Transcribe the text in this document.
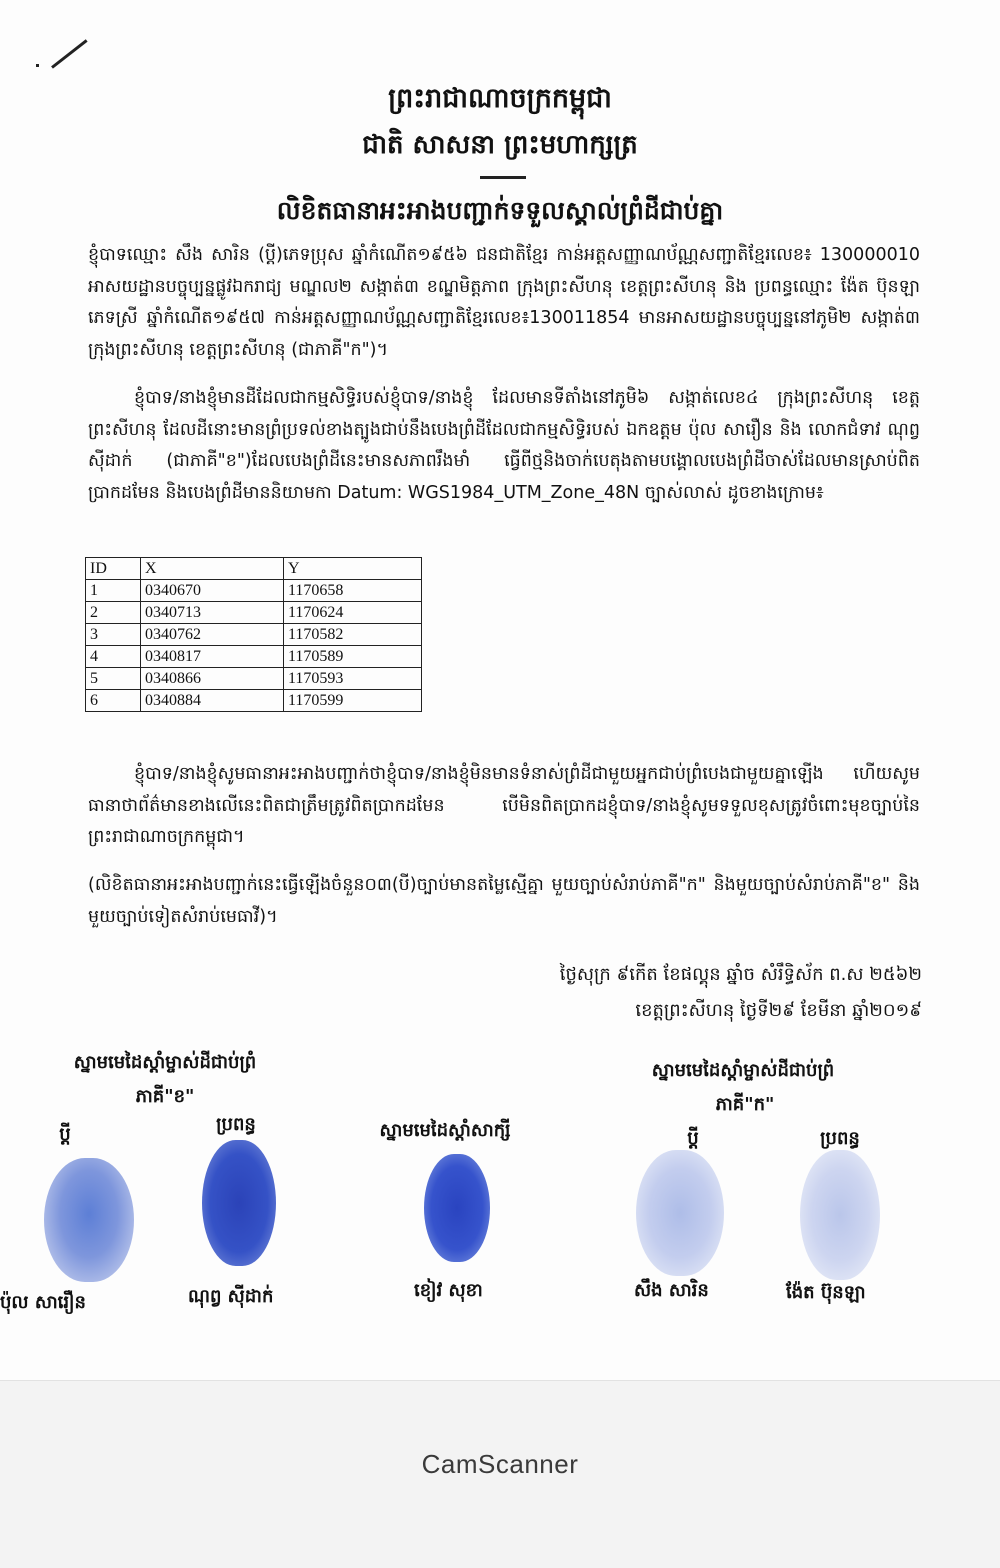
ព្រះរាជាណាចក្រកម្ពុជា
ជាតិ សាសនា ព្រះមហាក្សត្រ
លិខិតធានាអះអាងបញ្ជាក់ទទួលស្គាល់ព្រំដីជាប់គ្នា
ខ្ញុំបាទឈ្មោះ សឹង សារិន (ប្តី)ភេទប្រុស ឆ្នាំកំណើត១៩៥៦ ជនជាតិខ្មែរ កាន់អត្តសញ្ញាណប័ណ្ណសញ្ជាតិខ្មែរលេខ៖ 130000010 អាសយដ្ឋានបច្ចុប្បន្នផ្លូវឯករាជ្យ មណ្ឌល២ សង្កាត់៣ ខណ្ឌមិត្តភាព ក្រុងព្រះសីហនុ ខេត្តព្រះសីហនុ និង ប្រពន្ធឈ្មោះ ង៉ែត ប៊ុនឡា ភេទស្រី ឆ្នាំកំណើត១៩៥៧ កាន់អត្តសញ្ញាណប័ណ្ណសញ្ជាតិខ្មែរលេខ៖130011854 មានអាសយដ្ឋានបច្ចុប្បន្ននៅភូមិ២ សង្កាត់៣ ក្រុងព្រះសីហនុ ខេត្តព្រះសីហនុ (ជាភាគី"ក")។
ខ្ញុំបាទ/នាងខ្ញុំមានដីដែលជាកម្មសិទ្ធិរបស់ខ្ញុំបាទ/នាងខ្ញុំ ដែលមានទីតាំងនៅភូមិ៦ សង្កាត់លេខ៤ ក្រុងព្រះសីហនុ ខេត្តព្រះសីហនុ ដែលដីនោះមានព្រំប្រទល់ខាងត្បូងជាប់នឹងបេងព្រំដីដែលជាកម្មសិទ្ធិរបស់ ឯកឧត្តម ប៉ុល សារឿន និង លោកជំទាវ ណុព្វ ស៊ីដាក់ (ជាភាគី"ខ")ដែលបេងព្រំដីនេះមានសភាពរឹងមាំ ធ្វើពីថ្មនិងចាក់បេតុងតាមបង្គោលបេងព្រំដីចាស់ដែលមានស្រាប់ពិតប្រាកដមែន និងបេងព្រំដីមាននិយាមកា Datum: WGS1984_UTM_Zone_48N ច្បាស់លាស់ ដូចខាងក្រោម៖
ID	X	Y
1	0340670	1170658
2	0340713	1170624
3	0340762	1170582
4	0340817	1170589
5	0340866	1170593
6	0340884	1170599
ខ្ញុំបាទ/នាងខ្ញុំសូមធានាអះអាងបញ្ជាក់ថាខ្ញុំបាទ/នាងខ្ញុំមិនមានទំនាស់ព្រំដីជាមួយអ្នកជាប់ព្រំបេងជាមួយគ្នាឡើង ហើយសូមធានាថាព័ត៌មានខាងលើនេះពិតជាត្រឹមត្រូវពិតប្រាកដមែន បើមិនពិតប្រាកដខ្ញុំបាទ/នាងខ្ញុំសូមទទួលខុសត្រូវចំពោះមុខច្បាប់នៃព្រះរាជាណាចក្រកម្ពុជា។
(លិខិតធានាអះអាងបញ្ជាក់នេះធ្វើឡើងចំនួន០៣(បី)ច្បាប់មានតម្លៃស្មើគ្នា មួយច្បាប់សំរាប់ភាគី"ក" និងមួយច្បាប់សំរាប់ភាគី"ខ" និងមួយច្បាប់ទៀតសំរាប់មេធាវី)។
ថ្ងៃសុក្រ ៩កេីត ខែផល្គុន ឆ្នាំច សំរឹទ្ធិស័ក ព.ស ២៥៦២
ខេត្តព្រះសីហនុ ថ្ងៃទី២៩ ខែមីនា ឆ្នាំ២០១៩
ស្នាមមេដៃស្តាំម្ចាស់ដីជាប់ព្រំ
ភាគី"ខ"
ប្តី	ប្រពន្ធ
ប៉ុល សារឿន	ណុព្វ ស៊ីដាក់
ស្នាមមេដៃស្តាំសាក្សី
ខៀវ សុខា
ស្នាមមេដៃស្តាំម្ចាស់ដីជាប់ព្រំ
ភាគី"ក"
ប្តី	ប្រពន្ធ
សឹង សារិន	ង៉ែត ប៊ុនឡា
CamScanner
